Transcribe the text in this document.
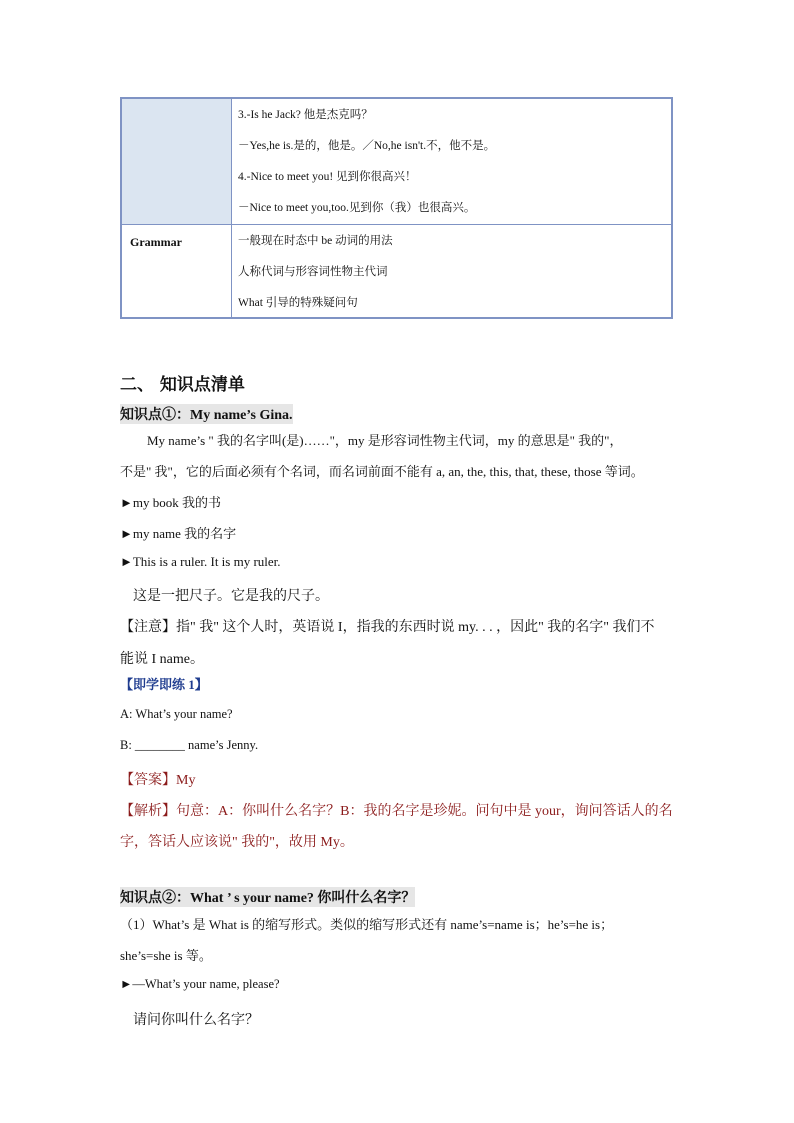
3.-Is he Jack? 他是杰克吗？
－Yes,he is.是的，他是。／No,he isn't.不，他不是。
4.-Nice to meet you! 见到你很高兴！
－Nice to meet you,too.见到你（我）也很高兴。
Grammar	一般现在时态中 be 动词的用法
人称代词与形容词性物主代词
What 引导的特殊疑问句
二、 知识点清单
知识点①：My name’s Gina.
My name’s " 我的名字叫(是)……"，my 是形容词性物主代词，my 的意思是" 我的"，
不是" 我"，它的后面必须有个名词，而名词前面不能有 a, an, the, this, that, these, those 等词。
►my book 我的书
►my name 我的名字
►This is a ruler. It is my ruler.
这是一把尺子。它是我的尺子。
【注意】指" 我" 这个人时，英语说 I，指我的东西时说 my. . . ，因此" 我的名字" 我们不
能说 I name。
【即学即练 1】
A: What’s your name?
B: ________ name’s Jenny.
【答案】My
【解析】句意：A：你叫什么名字？B：我的名字是珍妮。问句中是 your，询问答话人的名
字，答话人应该说" 我的"，故用 My。
知识点②：What ’ s your name? 你叫什么名字？
（1）What’s 是 What is 的缩写形式。类似的缩写形式还有 name’s=name is；he’s=he is；
she’s=she is 等。
►—What’s your name, please?
请问你叫什么名字？
